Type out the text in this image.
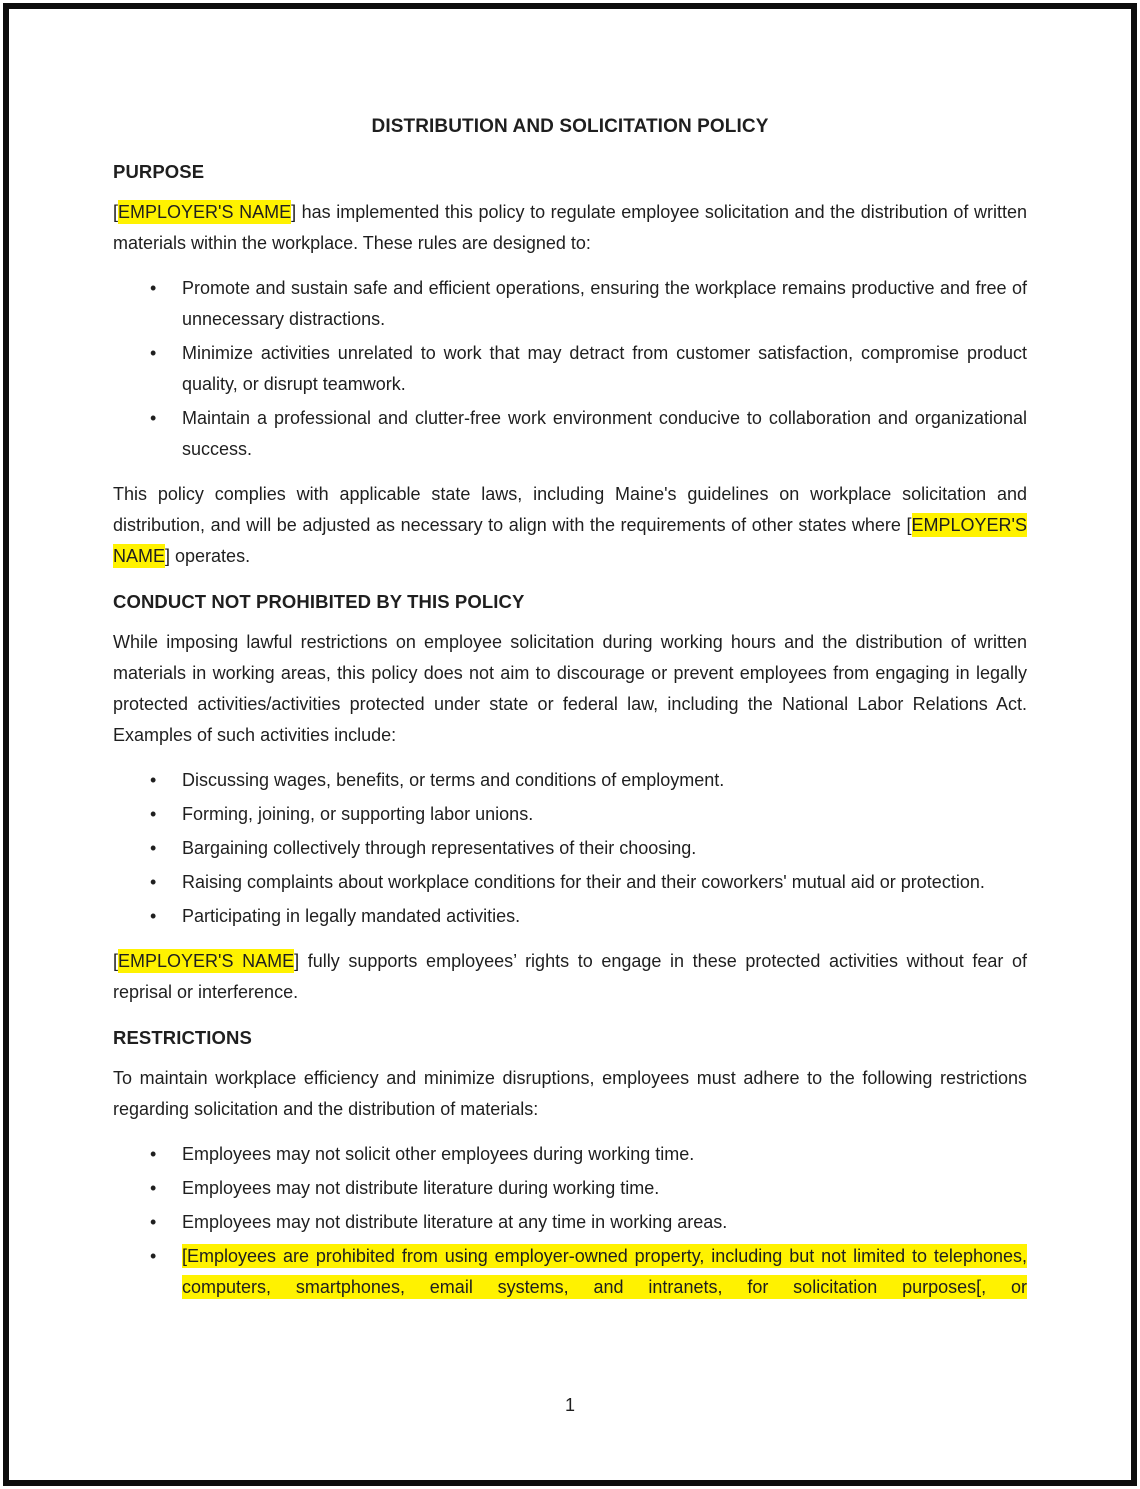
DISTRIBUTION AND SOLICITATION POLICY
PURPOSE

[EMPLOYER'S NAME] has implemented this policy to regulate employee solicitation and the distribution of written materials within the workplace. These rules are designed to:

• Promote and sustain safe and efficient operations, ensuring the workplace remains productive and free of unnecessary distractions.
• Minimize activities unrelated to work that may detract from customer satisfaction, compromise product quality, or disrupt teamwork.
• Maintain a professional and clutter-free work environment conducive to collaboration and organizational success.

This policy complies with applicable state laws, including Maine's guidelines on workplace solicitation and distribution, and will be adjusted as necessary to align with the requirements of other states where [EMPLOYER'S NAME] operates.

CONDUCT NOT PROHIBITED BY THIS POLICY

While imposing lawful restrictions on employee solicitation during working hours and the distribution of written materials in working areas, this policy does not aim to discourage or prevent employees from engaging in legally protected activities/activities protected under state or federal law, including the National Labor Relations Act. Examples of such activities include:

• Discussing wages, benefits, or terms and conditions of employment.
• Forming, joining, or supporting labor unions.
• Bargaining collectively through representatives of their choosing.
• Raising complaints about workplace conditions for their and their coworkers' mutual aid or protection.
• Participating in legally mandated activities.

[EMPLOYER'S NAME] fully supports employees’ rights to engage in these protected activities without fear of reprisal or interference.

RESTRICTIONS

To maintain workplace efficiency and minimize disruptions, employees must adhere to the following restrictions regarding solicitation and the distribution of materials:

• Employees may not solicit other employees during working time.
• Employees may not distribute literature during working time.
• Employees may not distribute literature at any time in working areas.
• [Employees are prohibited from using employer-owned property, including but not limited to telephones, computers, smartphones, email systems, and intranets, for solicitation purposes[, or
1
